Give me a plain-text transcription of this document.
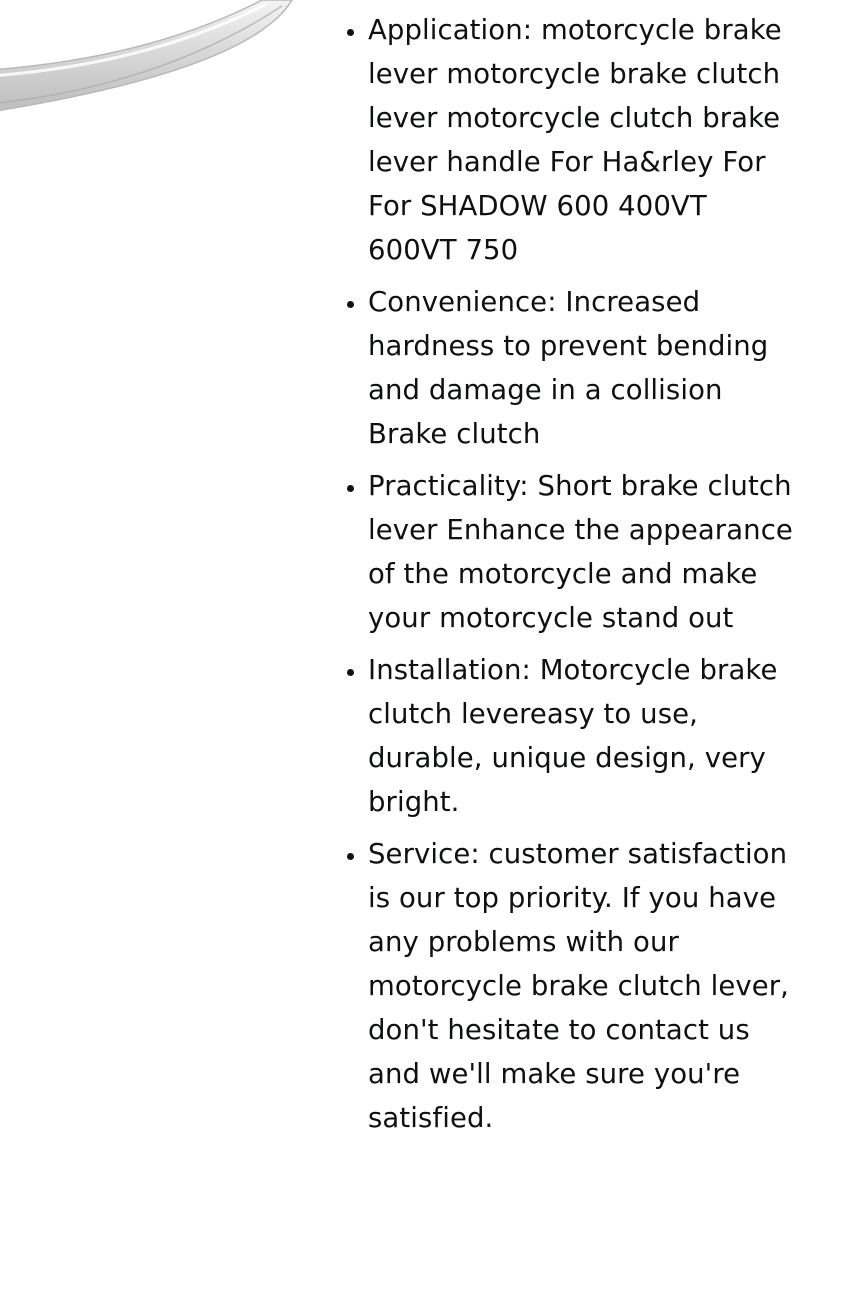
• Application: motorcycle brake lever motorcycle brake clutch lever motorcycle clutch brake lever handle For Ha&rley For For SHADOW 600 400VT 600VT 750
• Convenience: Increased hardness to prevent bending and damage in a collision Brake clutch
• Practicality: Short brake clutch lever Enhance the appearance of the motorcycle and make your motorcycle stand out
• Installation: Motorcycle brake clutch levereasy to use, durable, unique design, very bright.
• Service: customer satisfaction is our top priority. If you have any problems with our motorcycle brake clutch lever, don't hesitate to contact us and we'll make sure you're satisfied.
